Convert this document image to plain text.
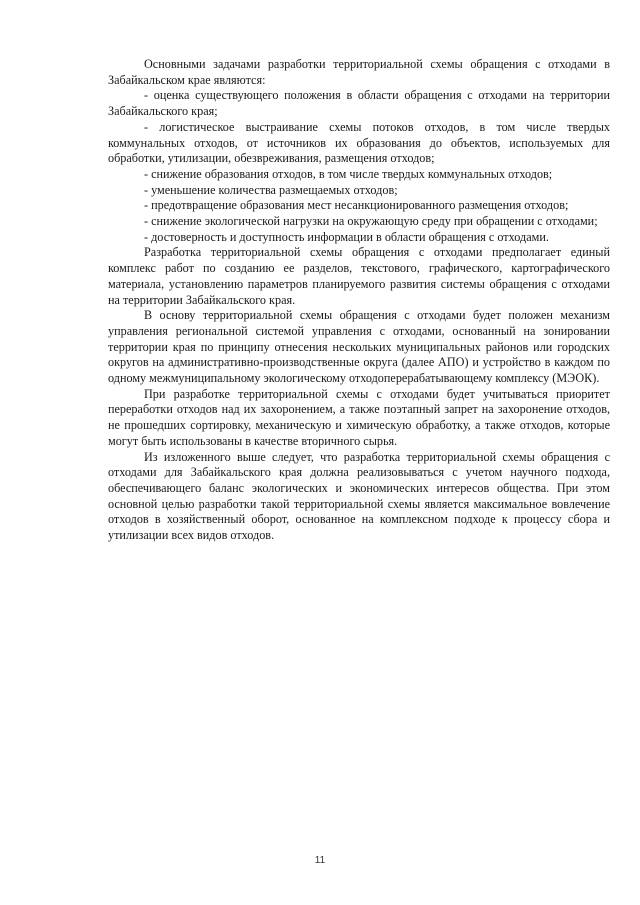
Основными задачами разработки территориальной схемы обращения с отходами в Забайкальском крае являются:

- оценка существующего положения в области обращения с отходами на территории Забайкальского края;

- логистическое выстраивание схемы потоков отходов, в том числе твердых коммунальных отходов, от источников их образования до объектов, используемых для обработки, утилизации, обезвреживания, размещения отходов;

- снижение образования отходов, в том числе твердых коммунальных отходов;

- уменьшение количества размещаемых отходов;

- предотвращение образования мест несанкционированного размещения отходов;

- снижение экологической нагрузки на окружающую среду при обращении с отходами;

- достоверность и доступность информации в области обращения с отходами.

Разработка территориальной схемы обращения с отходами предполагает единый комплекс работ по созданию ее разделов, текстового, графического, картографического материала, установлению параметров планируемого развития системы обращения с отходами на территории Забайкальского края.

В основу территориальной схемы обращения с отходами будет положен механизм управления региональной системой управления с отходами, основанный на зонировании территории края по принципу отнесения нескольких муниципальных районов или городских округов на административно-производственные округа (далее АПО) и устройство в каждом по одному межмуниципальному экологическому отходоперерабатывающему комплексу (МЭОК).

При разработке территориальной схемы с отходами будет учитываться приоритет переработки отходов над их захоронением, а также поэтапный запрет на захоронение отходов, не прошедших сортировку, механическую и химическую обработку, а также отходов, которые могут быть использованы в качестве вторичного сырья.

Из изложенного выше следует, что разработка территориальной схемы обращения с отходами для Забайкальского края должна реализовываться с учетом научного подхода, обеспечивающего баланс экологических и экономических интересов общества. При этом основной целью разработки такой территориальной схемы является максимальное вовлечение отходов в хозяйственный оборот, основанное на комплексном подходе к процессу сбора и утилизации всех видов отходов.

11
